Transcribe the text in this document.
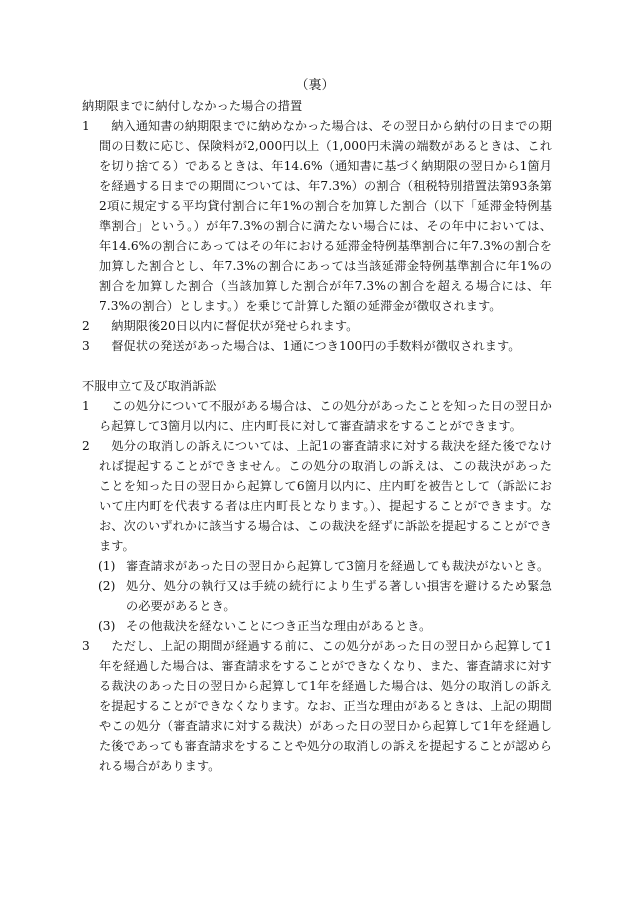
（裏）
納期限までに納付しなかった場合の措置
1 　納入通知書の納期限までに納めなかった場合は、その翌日から納付の日までの期間の日数に応じ、保険料が2,000円以上（1,000円未満の端数があるときは、これを切り捨てる）であるときは、年14.6%（通知書に基づく納期限の翌日から1箇月を経過する日までの期間については、年7.3%）の割合（租税特別措置法第93条第2項に規定する平均貸付割合に年1%の割合を加算した割合（以下「延滞金特例基準割合」という。）が年7.3%の割合に満たない場合には、その年中においては、年14.6%の割合にあってはその年における延滞金特例基準割合に年7.3%の割合を加算した割合とし、年7.3%の割合にあっては当該延滞金特例基準割合に年1%の割合を加算した割合（当該加算した割合が年7.3%の割合を超える場合には、年7.3%の割合）とします。）を乗じて計算した額の延滞金が徴収されます。
2 　納期限後20日以内に督促状が発せられます。
3 　督促状の発送があった場合は、1通につき100円の手数料が徴収されます。
不服申立て及び取消訴訟
1 　この処分について不服がある場合は、この処分があったことを知った日の翌日から起算して3箇月以内に、庄内町長に対して審査請求をすることができます。
2 　処分の取消しの訴えについては、上記1の審査請求に対する裁決を経た後でなければ提起することができません。この処分の取消しの訴えは、この裁決があったことを知った日の翌日から起算して6箇月以内に、庄内町を被告として（訴訟において庄内町を代表する者は庄内町長となります。）、提起することができます。なお、次のいずれかに該当する場合は、この裁決を経ずに訴訟を提起することができます。
(1) 審査請求があった日の翌日から起算して3箇月を経過しても裁決がないとき。
(2) 処分、処分の執行又は手続の続行により生ずる著しい損害を避けるため緊急の必要があるとき。
(3) その他裁決を経ないことにつき正当な理由があるとき。
3 　ただし、上記の期間が経過する前に、この処分があった日の翌日から起算して1年を経過した場合は、審査請求をすることができなくなり、また、審査請求に対する裁決のあった日の翌日から起算して1年を経過した場合は、処分の取消しの訴えを提起することができなくなります。なお、正当な理由があるときは、上記の期間やこの処分（審査請求に対する裁決）があった日の翌日から起算して1年を経過した後であっても審査請求をすることや処分の取消しの訴えを提起することが認められる場合があります。
